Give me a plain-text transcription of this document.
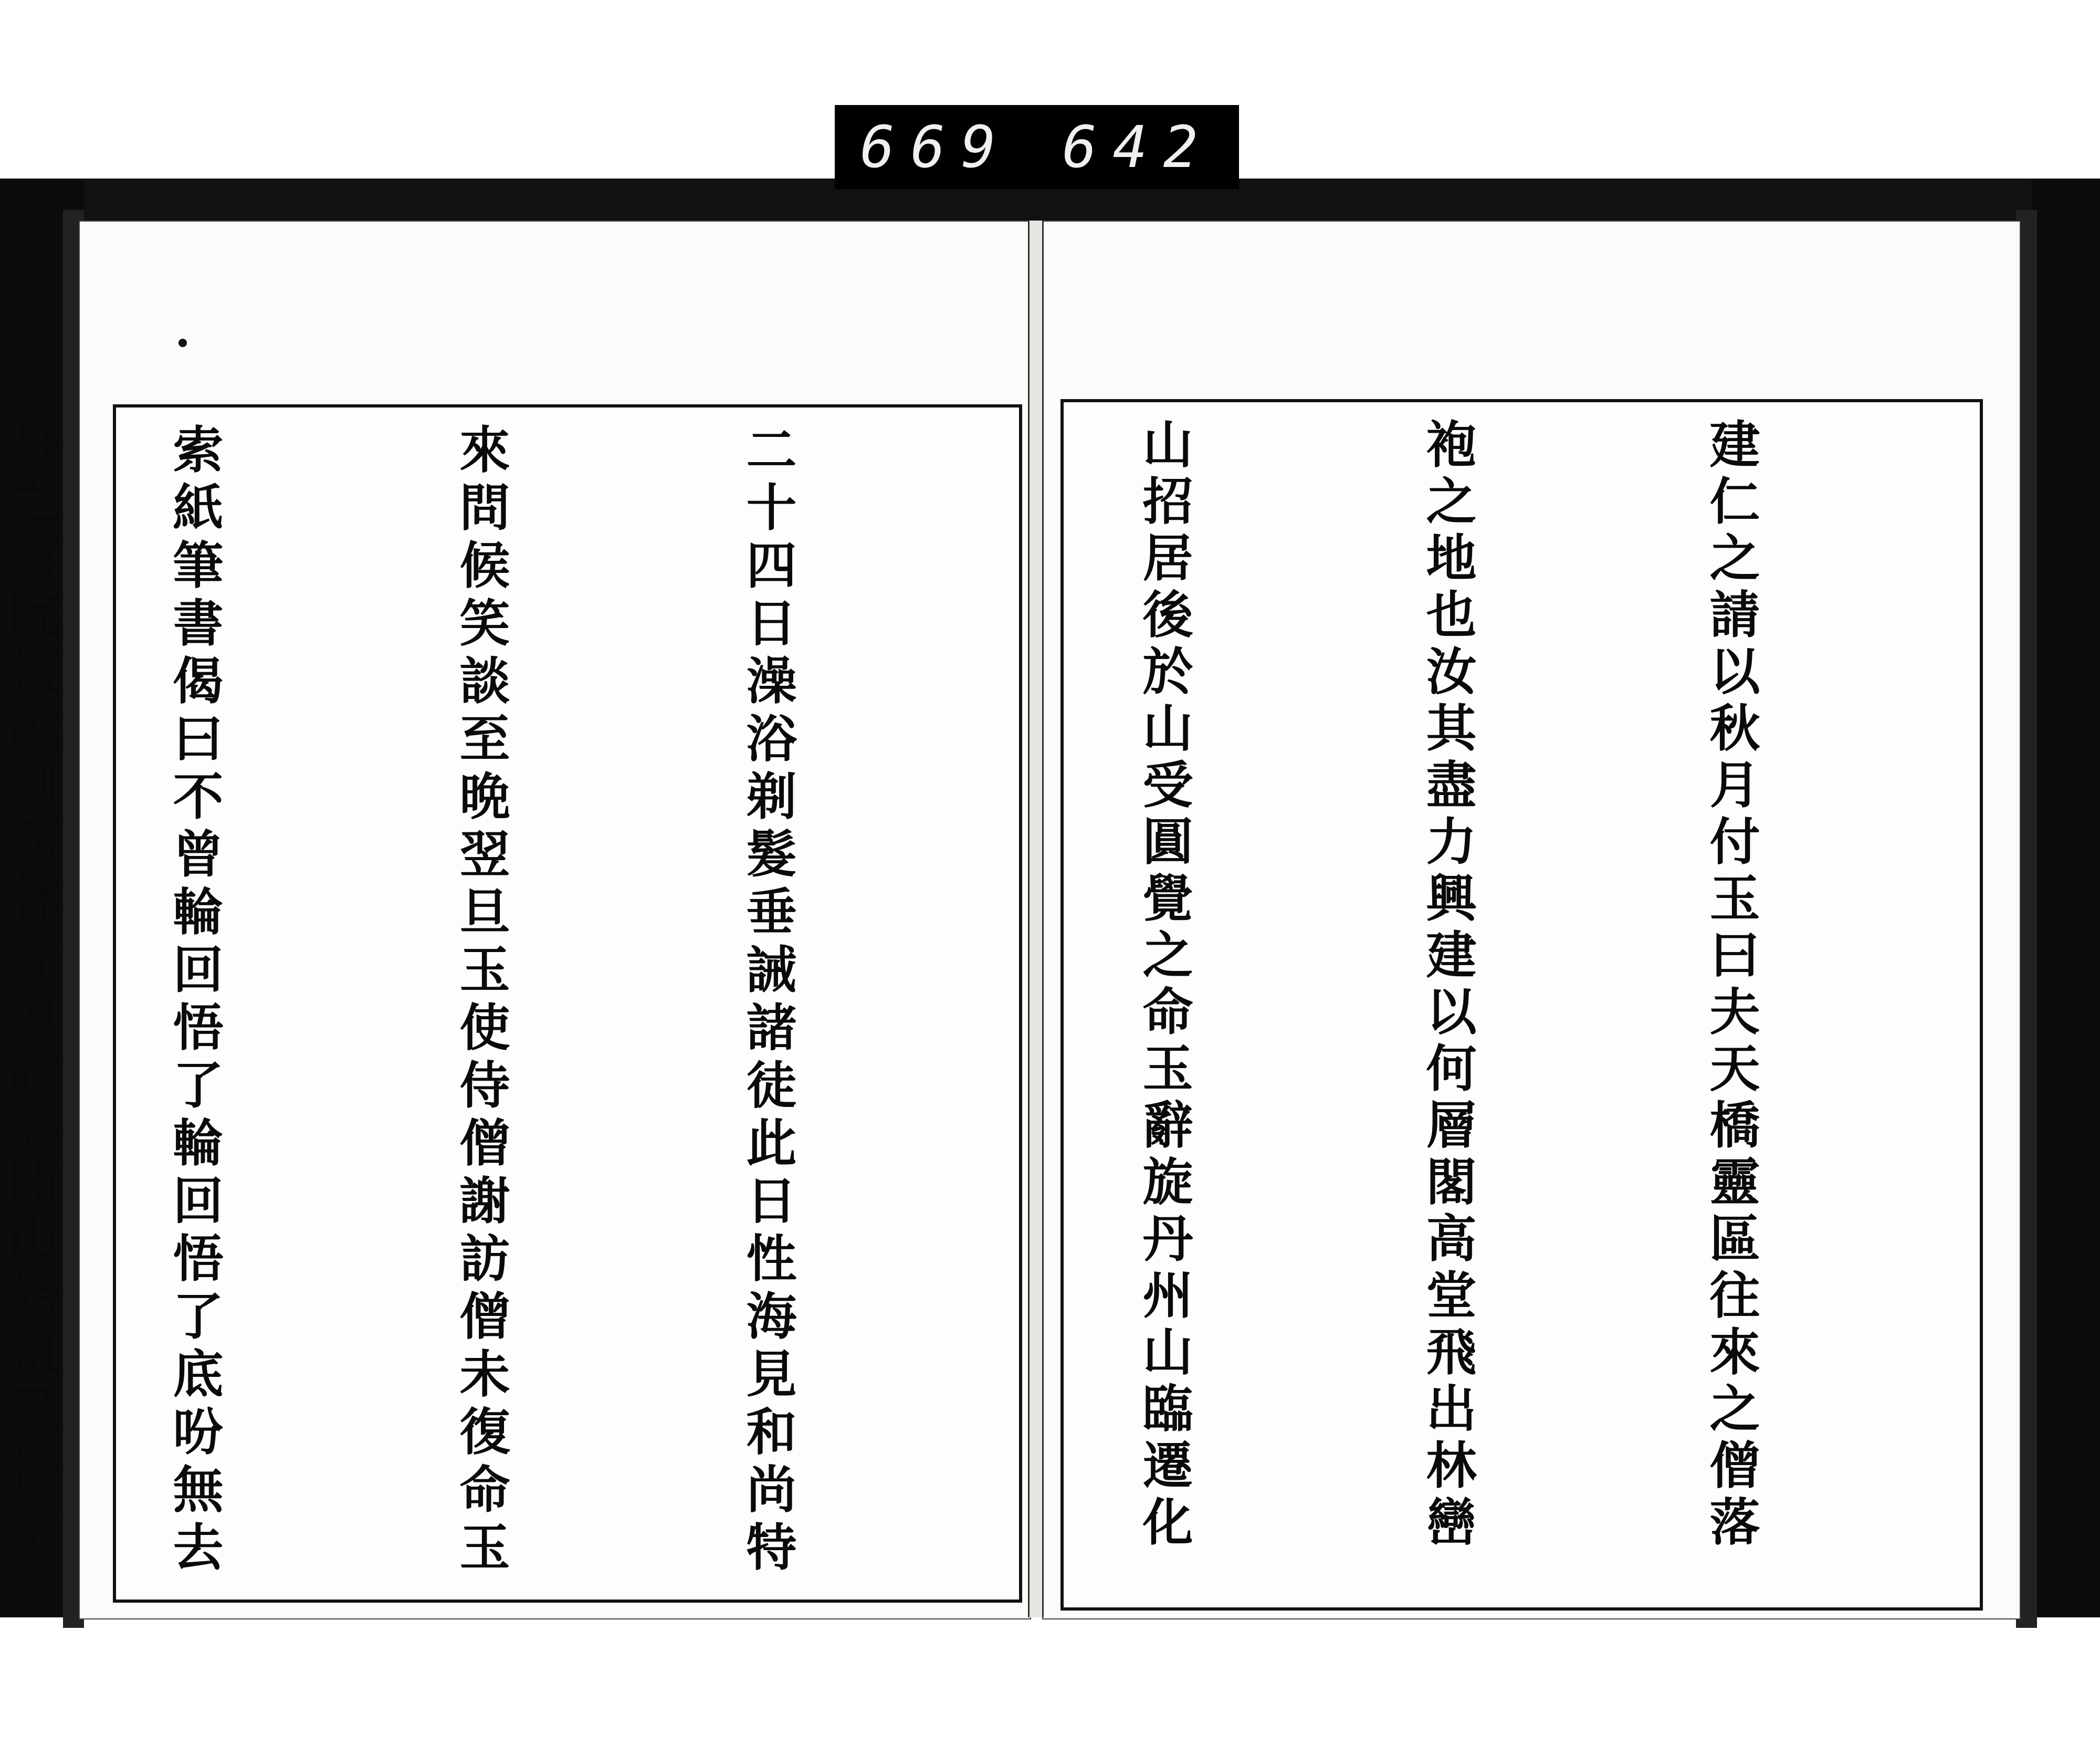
669 642

建仁之請以秋月付玉曰夫天橋靈區往來之僧落

袍之地也汝其盡力興建以何層閣高堂飛出林巒

山招居後於山受圓覺之命玉辭旋丹州山臨遷化

丹之舊院檀越創西林寺力請為開山始祖又移幸

	二十四日澡浴剃髮垂誡諸徒此日性海見和尚特

來問候笑談至晩翌旦玉使侍僧謝訪僧未復命玉

索紙筆書偈曰不曾輪回悟了輪回悟了底吩無去
